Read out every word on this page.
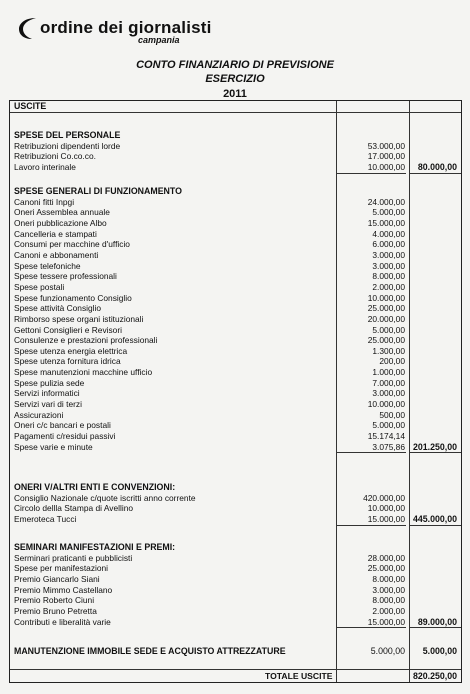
ordine dei giornalisti
campania
CONTO FINANZIARIO DI PREVISIONE
ESERCIZIO
2011
USCITE
TOTALE USCITE	820.250,00
SPESE DEL PERSONALE
Retribuzioni dipendenti lorde	53.000,00
Retribuzioni Co.co.co.	17.000,00
Lavoro interinale	10.000,00	80.000,00
SPESE GENERALI DI FUNZIONAMENTO
Canoni fitti Inpgi	24.000,00
Oneri Assemblea annuale	5.000,00
Oneri pubblicazione Albo	15.000,00
Cancelleria e stampati	4.000,00
Consumi per macchine d'ufficio	6.000,00
Canoni e abbonamenti	3.000,00
Spese telefoniche	3.000,00
Spese tessere professionali	8.000,00
Spese postali	2.000,00
Spese funzionamento Consiglio	10.000,00
Spese attività Consiglio	25.000,00
Rimborso spese organi istituzionali	20.000,00
Gettoni Consiglieri e Revisori	5.000,00
Consulenze e prestazioni professionali	25.000,00
Spese utenza energia elettrica	1.300,00
Spese utenza fornitura idrica	200,00
Spese manutenzioni macchine ufficio	1.000,00
Spese pulizia sede	7.000,00
Servizi informatici	3.000,00
Servizi vari di terzi	10.000,00
Assicurazioni	500,00
Oneri c/c bancari e postali	5.000,00
Pagamenti c/residui passivi	15.174,14
Spese varie e minute	3.075,86 201.250,00
ONERI V/ALTRI ENTI E CONVENZIONI:
Consiglio Nazionale c/quote iscritti anno corrente	420.000,00
Circolo dellla Stampa di Avellino	10.000,00
Emeroteca Tucci	15.000,00 445.000,00
SEMINARI MANIFESTAZIONI E PREMI:
Serminari praticanti e pubblicisti	28.000,00
Spese per manifestazioni	25.000,00
Premio Giancarlo Siani	8.000,00
Premio Mimmo Castellano	3.000,00
Premio Roberto Ciuni	8.000,00
Premio Bruno Petretta	2.000,00
Contributi e liberalità varie	15.000,00	89.000,00
MANUTENZIONE IMMOBILE SEDE E ACQUISTO ATTREZZATURE	5.000,00	5.000,00
